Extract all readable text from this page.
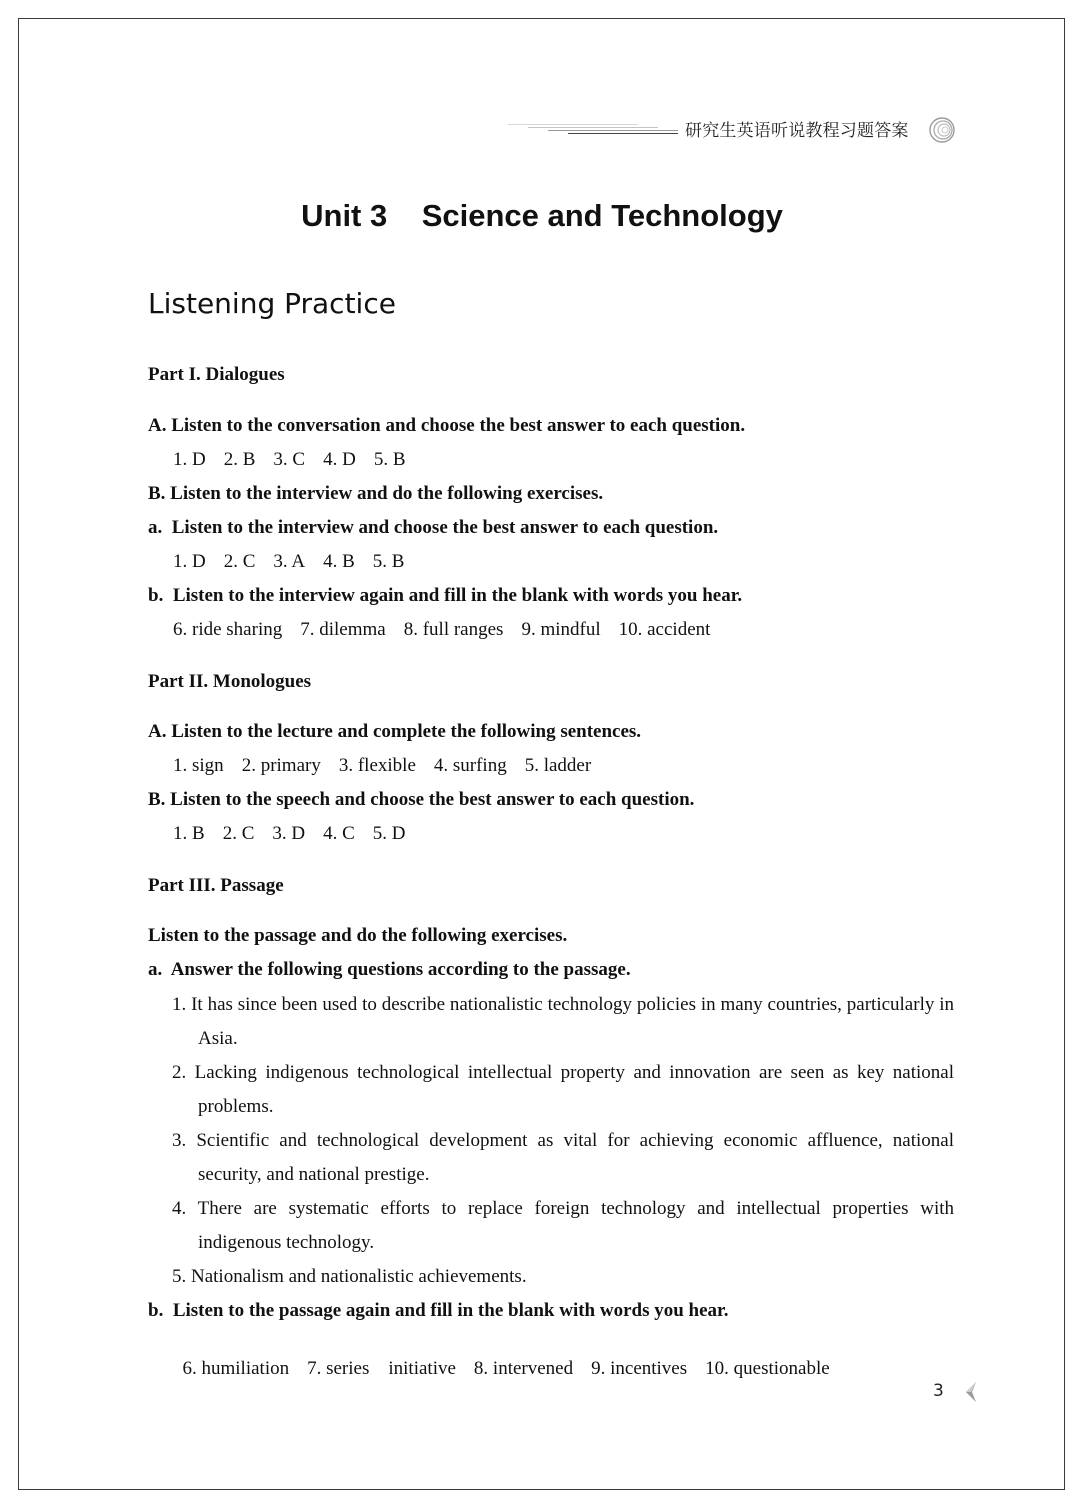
研究生英语听说教程习题答案
Unit 3    Science and Technology
Listening Practice
Part I. Dialogues
A. Listen to the conversation and choose the best answer to each question.
1. D 2. B 3. C 4. D 5. B
B. Listen to the interview and do the following exercises.
a.  Listen to the interview and choose the best answer to each question.
1. D 2. C 3. A 4. B 5. B
b.  Listen to the interview again and fill in the blank with words you hear.
6. ride sharing 7. dilemma 8. full ranges 9. mindful 10. accident
Part II. Monologues
A. Listen to the lecture and complete the following sentences.
1. sign 2. primary 3. flexible 4. surfing 5. ladder
B. Listen to the speech and choose the best answer to each question.
1. B 2. C 3. D 4. C 5. D
Part III. Passage
Listen to the passage and do the following exercises.
a.  Answer the following questions according to the passage.
1. It has since been used to describe nationalistic technology policies in many countries, particularly in Asia.
2. Lacking indigenous technological intellectual property and innovation are seen as key national problems.
3. Scientific and technological development as vital for achieving economic affluence, national security, and national prestige.
4. There are systematic efforts to replace foreign technology and intellectual properties with indigenous technology.
5. Nationalism and nationalistic achievements.
b.  Listen to the passage again and fill in the blank with words you hear.

6. humiliation 7. series    initiative 8. intervened 9. incentives 10. questionable

3
